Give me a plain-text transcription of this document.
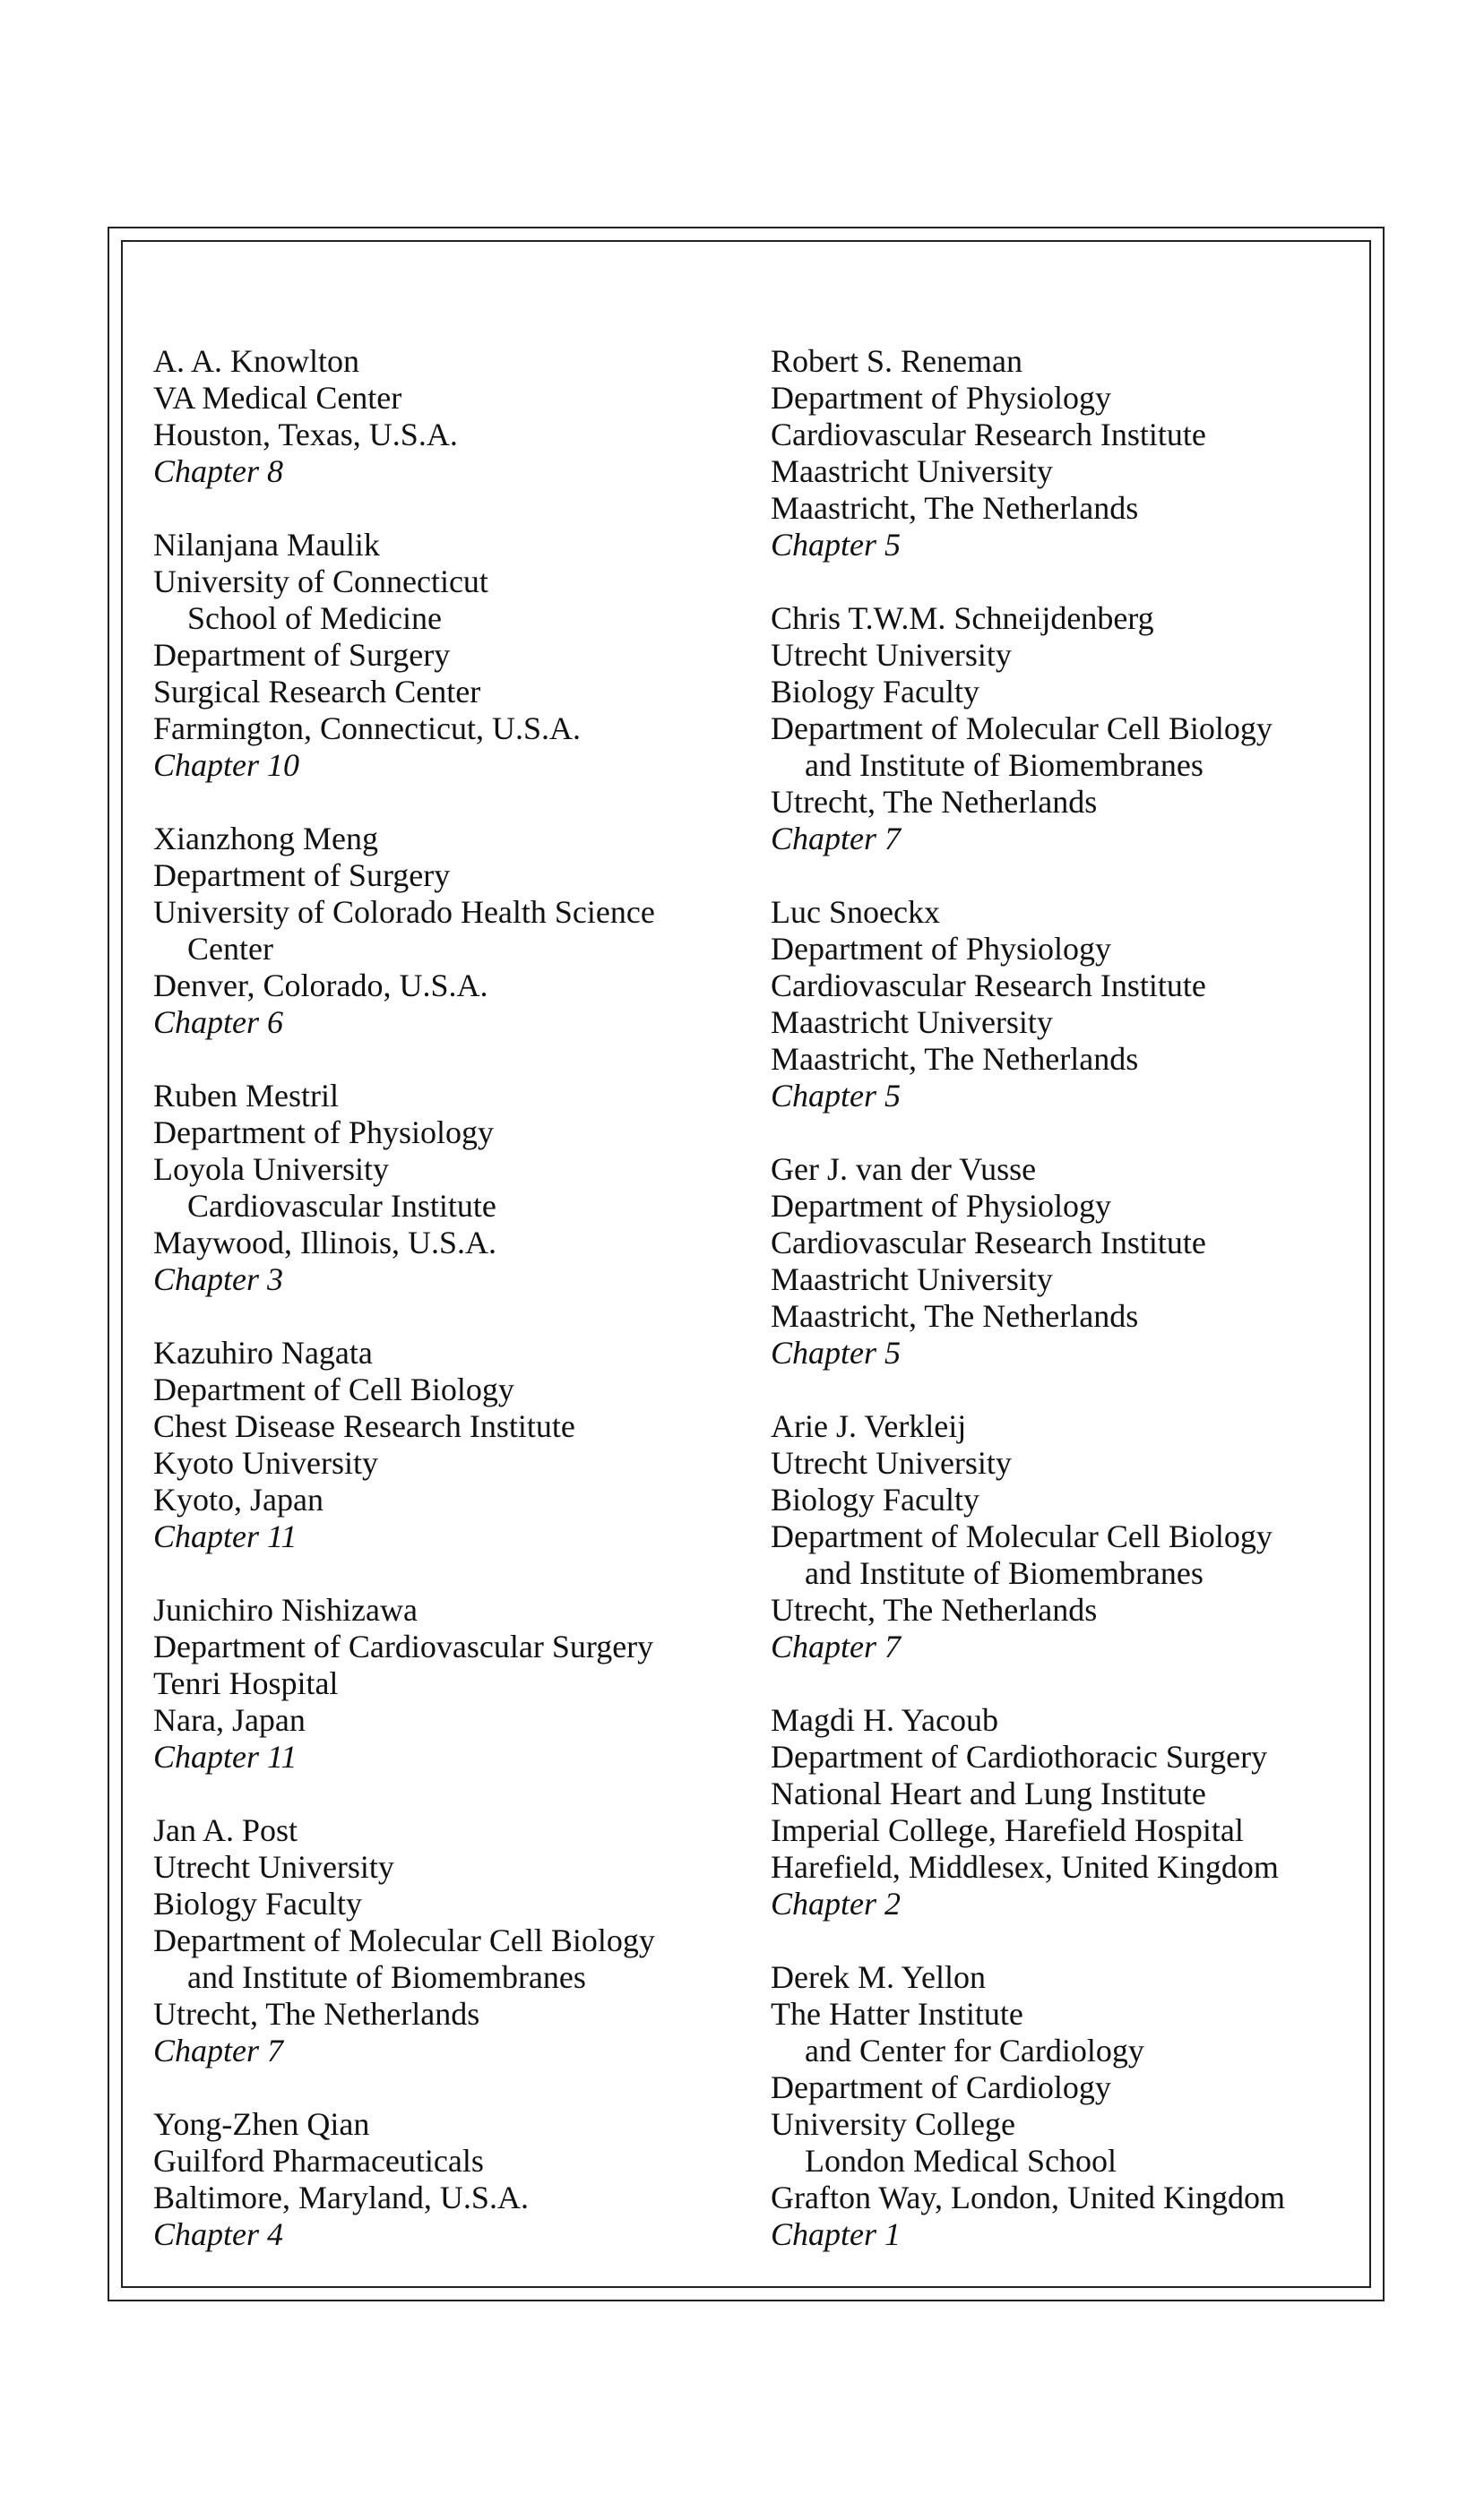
A. A. Knowlton
VA Medical Center
Houston, Texas, U.S.A.
Chapter 8
Nilanjana Maulik
University of Connecticut
School of Medicine
Department of Surgery
Surgical Research Center
Farmington, Connecticut, U.S.A.
Chapter 10
Xianzhong Meng
Department of Surgery
University of Colorado Health Science
Center
Denver, Colorado, U.S.A.
Chapter 6
Ruben Mestril
Department of Physiology
Loyola University
Cardiovascular Institute
Maywood, Illinois, U.S.A.
Chapter 3
Kazuhiro Nagata
Department of Cell Biology
Chest Disease Research Institute
Kyoto University
Kyoto, Japan
Chapter 11
Junichiro Nishizawa
Department of Cardiovascular Surgery
Tenri Hospital
Nara, Japan
Chapter 11
Jan A. Post
Utrecht University
Biology Faculty
Department of Molecular Cell Biology
and Institute of Biomembranes
Utrecht, The Netherlands
Chapter 7
Yong-Zhen Qian
Guilford Pharmaceuticals
Baltimore, Maryland, U.S.A.
Chapter 4
Robert S. Reneman
Department of Physiology
Cardiovascular Research Institute
Maastricht University
Maastricht, The Netherlands
Chapter 5
Chris T.W.M. Schneijdenberg
Utrecht University
Biology Faculty
Department of Molecular Cell Biology
and Institute of Biomembranes
Utrecht, The Netherlands
Chapter 7
Luc Snoeckx
Department of Physiology
Cardiovascular Research Institute
Maastricht University
Maastricht, The Netherlands
Chapter 5
Ger J. van der Vusse
Department of Physiology
Cardiovascular Research Institute
Maastricht University
Maastricht, The Netherlands
Chapter 5
Arie J. Verkleij
Utrecht University
Biology Faculty
Department of Molecular Cell Biology
and Institute of Biomembranes
Utrecht, The Netherlands
Chapter 7
Magdi H. Yacoub
Department of Cardiothoracic Surgery
National Heart and Lung Institute
Imperial College, Harefield Hospital
Harefield, Middlesex, United Kingdom
Chapter 2
Derek M. Yellon
The Hatter Institute
and Center for Cardiology
Department of Cardiology
University College
London Medical School
Grafton Way, London, United Kingdom
Chapter 1
